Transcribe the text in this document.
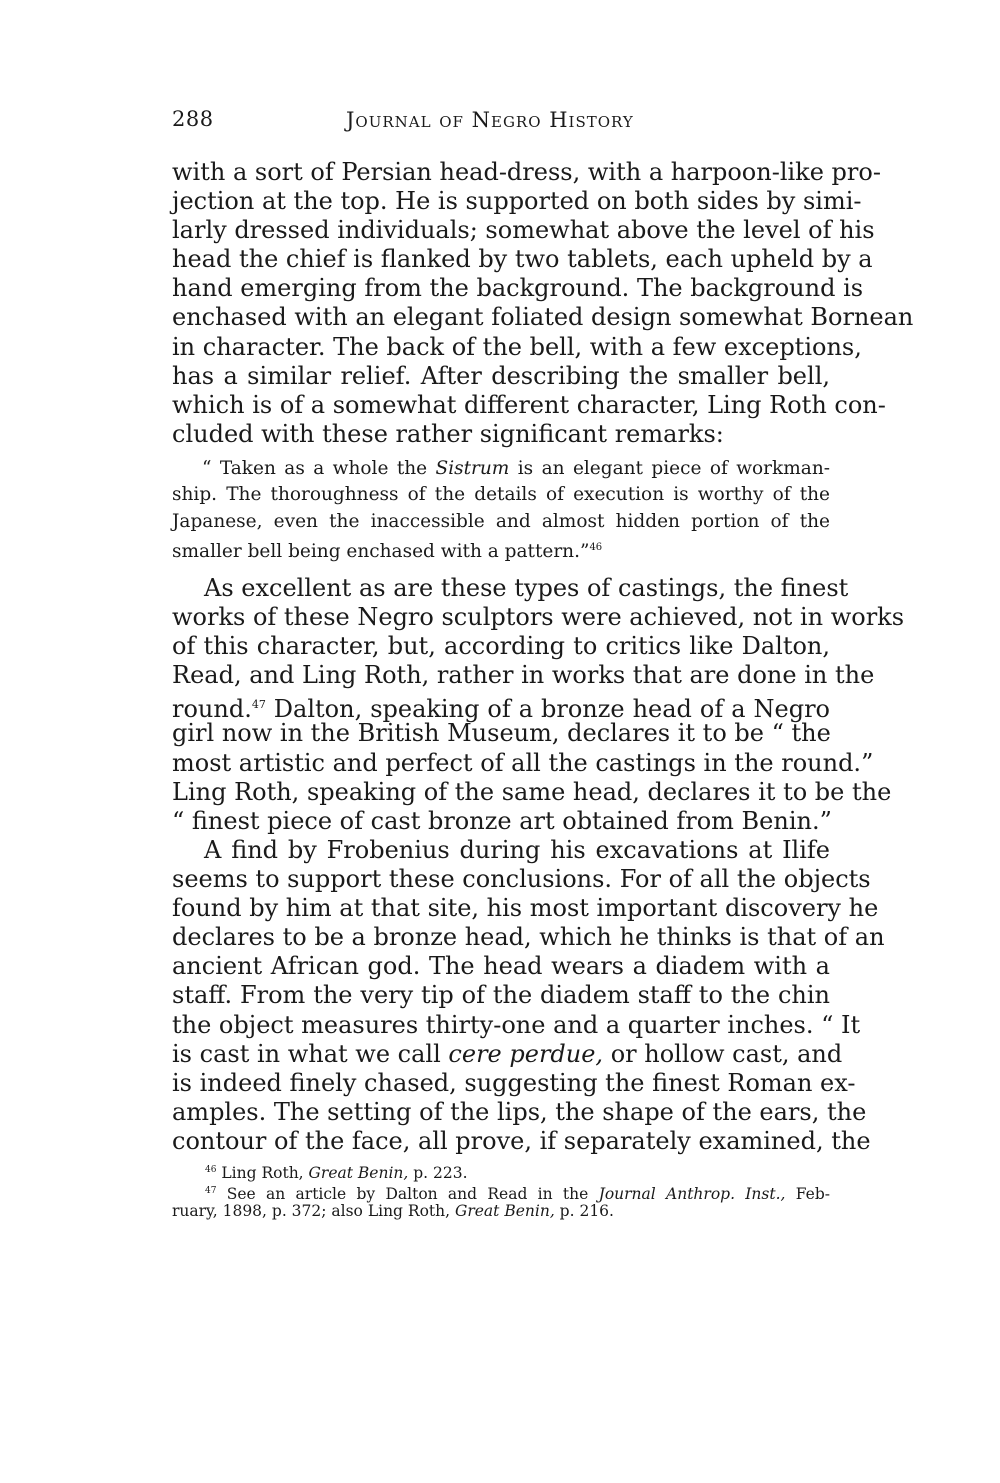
288	Journal of Negro History
with a sort of Persian head-dress, with a harpoon-like pro-
jection at the top. He is supported on both sides by simi-
larly dressed individuals; somewhat above the level of his
head the chief is flanked by two tablets, each upheld by a
hand emerging from the background. The background is
enchased with an elegant foliated design somewhat Bornean
in character. The back of the bell, with a few exceptions,
has a similar relief. After describing the smaller bell,
which is of a somewhat different character, Ling Roth con-
cluded with these rather significant remarks:
“ Taken as a whole the Sistrum is an elegant piece of workman-
ship. The thoroughness of the details of execution is worthy of the
Japanese, even the inaccessible and almost hidden portion of the
smaller bell being enchased with a pattern.”$^{46}$
As excellent as are these types of castings, the finest
works of these Negro sculptors were achieved, not in works
of this character, but, according to critics like Dalton,
Read, and Ling Roth, rather in works that are done in the
round.$^{47}$ Dalton, speaking of a bronze head of a Negro
girl now in the British Museum, declares it to be “ the
most artistic and perfect of all the castings in the round.”
Ling Roth, speaking of the same head, declares it to be the
“ finest piece of cast bronze art obtained from Benin.”
A find by Frobenius during his excavations at Ilife
seems to support these conclusions. For of all the objects
found by him at that site, his most important discovery he
declares to be a bronze head, which he thinks is that of an
ancient African god. The head wears a diadem with a
staff. From the very tip of the diadem staff to the chin
the object measures thirty-one and a quarter inches. “ It
is cast in what we call cere perdue, or hollow cast, and
is indeed finely chased, suggesting the finest Roman ex-
amples. The setting of the lips, the shape of the ears, the
contour of the face, all prove, if separately examined, the
$^{46}$ Ling Roth, Great Benin, p. 223.
$^{47}$ See an article by Dalton and Read in the Journal Anthrop. Inst., Feb-
ruary, 1898, p. 372; also Ling Roth, Great Benin, p. 216.
